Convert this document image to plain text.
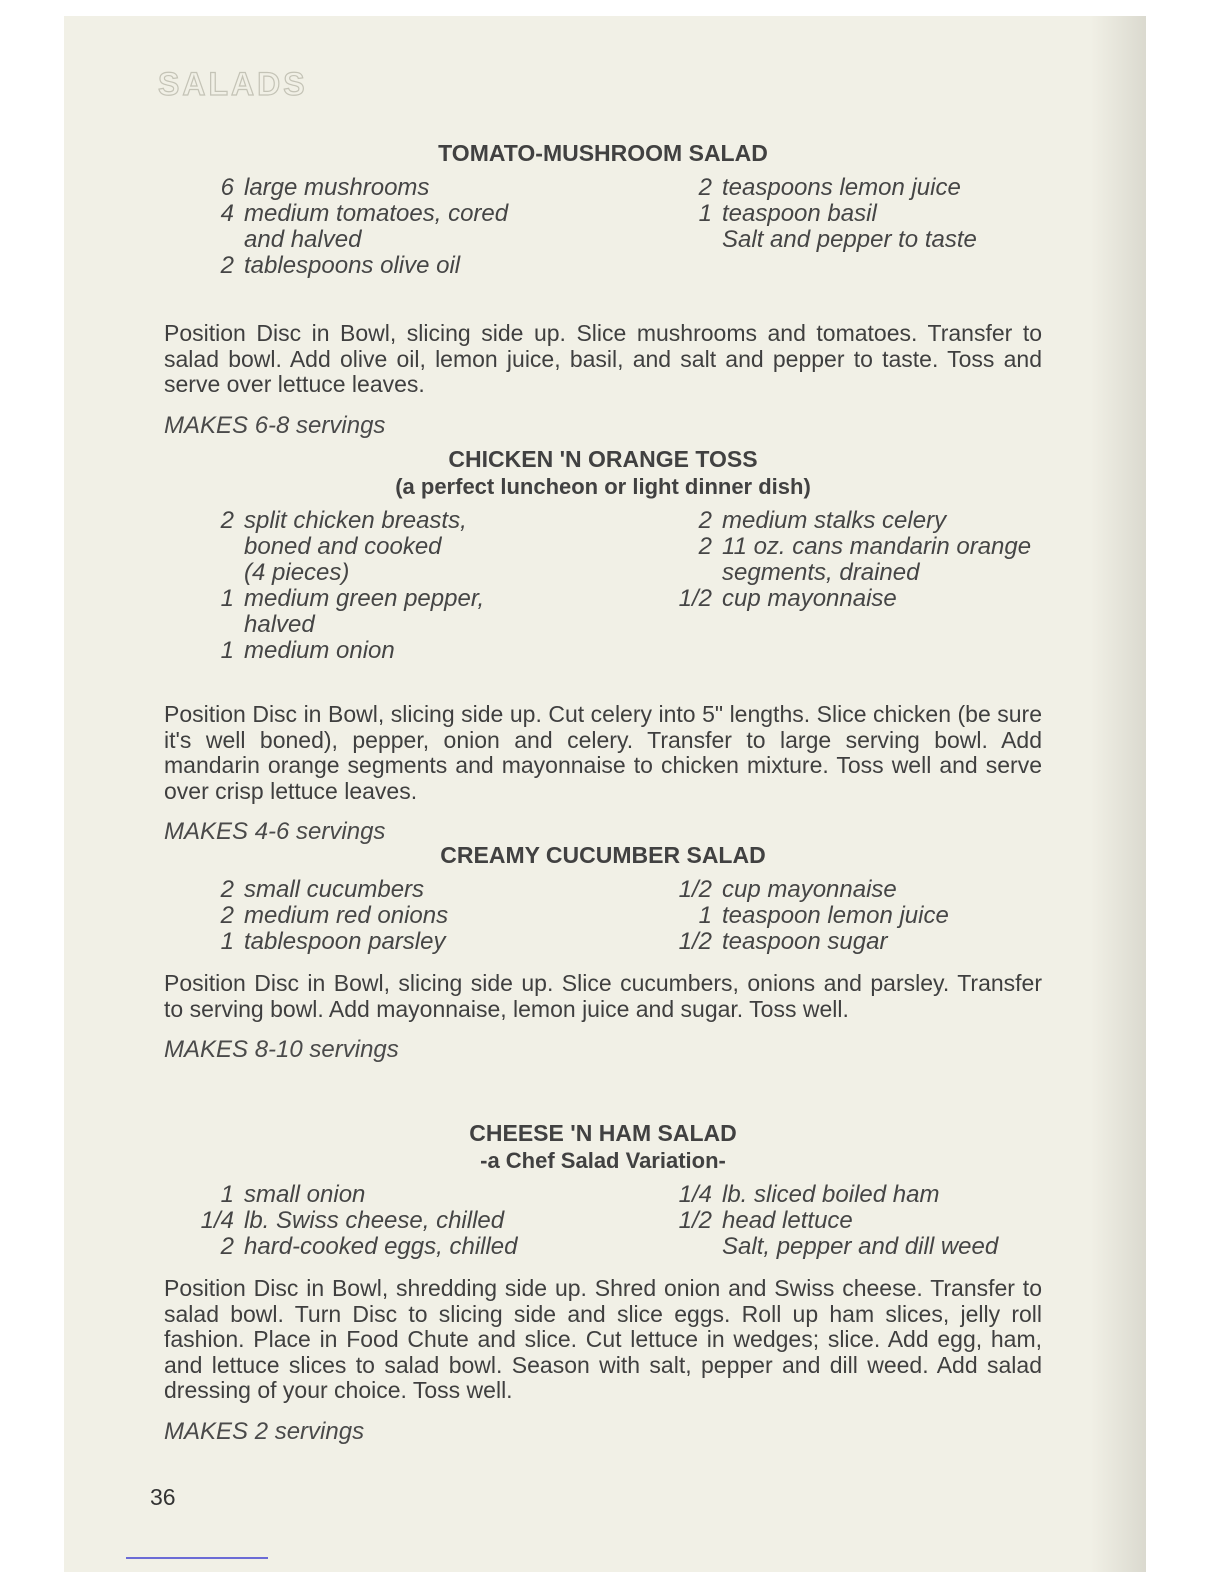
SALADS
TOMATO-MUSHROOM SALAD
6 large mushrooms
4 medium tomatoes, cored
and halved
2 tablespoons olive oil
2 teaspoons lemon juice
1 teaspoon basil
Salt and pepper to taste
Position Disc in Bowl, slicing side up. Slice mushrooms and tomatoes. Transfer to salad bowl. Add olive oil, lemon juice, basil, and salt and pepper to taste. Toss and serve over lettuce leaves.
MAKES 6-8 servings
CHICKEN 'N ORANGE TOSS
(a perfect luncheon or light dinner dish)
2 split chicken breasts,
boned and cooked
(4 pieces)
1 medium green pepper,
halved
1 medium onion
2 medium stalks celery
2 11 oz. cans mandarin orange
segments, drained
1/2 cup mayonnaise
Position Disc in Bowl, slicing side up. Cut celery into 5" lengths. Slice chicken (be sure it's well boned), pepper, onion and celery. Transfer to large serving bowl. Add mandarin orange segments and mayonnaise to chicken mixture. Toss well and serve over crisp lettuce leaves.
MAKES 4-6 servings
CREAMY CUCUMBER SALAD
2 small cucumbers
2 medium red onions
1 tablespoon parsley
1/2 cup mayonnaise
1 teaspoon lemon juice
1/2 teaspoon sugar
Position Disc in Bowl, slicing side up. Slice cucumbers, onions and parsley. Transfer to serving bowl. Add mayonnaise, lemon juice and sugar. Toss well.
MAKES 8-10 servings
CHEESE 'N HAM SALAD
-a Chef Salad Variation-
1 small onion
1/4 lb. Swiss cheese, chilled
2 hard-cooked eggs, chilled
1/4 lb. sliced boiled ham
1/2 head lettuce
Salt, pepper and dill weed
Position Disc in Bowl, shredding side up. Shred onion and Swiss cheese. Transfer to salad bowl. Turn Disc to slicing side and slice eggs. Roll up ham slices, jelly roll fashion. Place in Food Chute and slice. Cut lettuce in wedges; slice. Add egg, ham, and lettuce slices to salad bowl. Season with salt, pepper and dill weed. Add salad dressing of your choice. Toss well.
MAKES 2 servings
36
